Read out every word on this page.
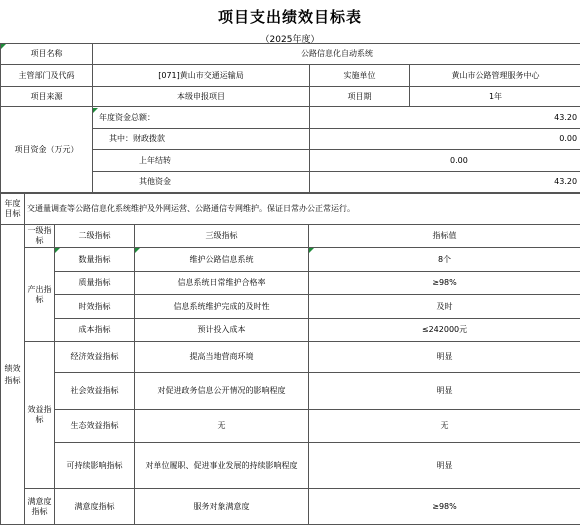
项目支出绩效目标表
（2025年度）
项目名称	公路信息化自动系统		
主管部门及代码	[071]黄山市交通运输局	实施单位	黄山市公路管理服务中心
项目来源	本级申报项目	项目期	1年
项目资金（万元）	年度资金总额：	43.20	
	其中：财政拨款	0.00	
	上年结转	0.00	
	其他资金	43.20	
年度目标	交通量调查等公路信息化系统维护及外网运营、公路通信专网维护。保证日常办公正常运行。
绩效指标	一级指标	二级指标	三级指标	指标值
	产出指标	数量指标	维护公路信息系统	8个
		质量指标	信息系统日常维护合格率	≥98%
		时效指标	信息系统维护完成的及时性	及时
		成本指标	预计投入成本	≤242000元
	效益指标	经济效益指标	提高当地营商环境	明显
		社会效益指标	对促进政务信息公开情况的影响程度	明显
		生态效益指标	无	无
		可持续影响指标	对单位履职、促进事业发展的持续影响程度	明显
	满意度指标	满意度指标	服务对象满意度	≥98%
